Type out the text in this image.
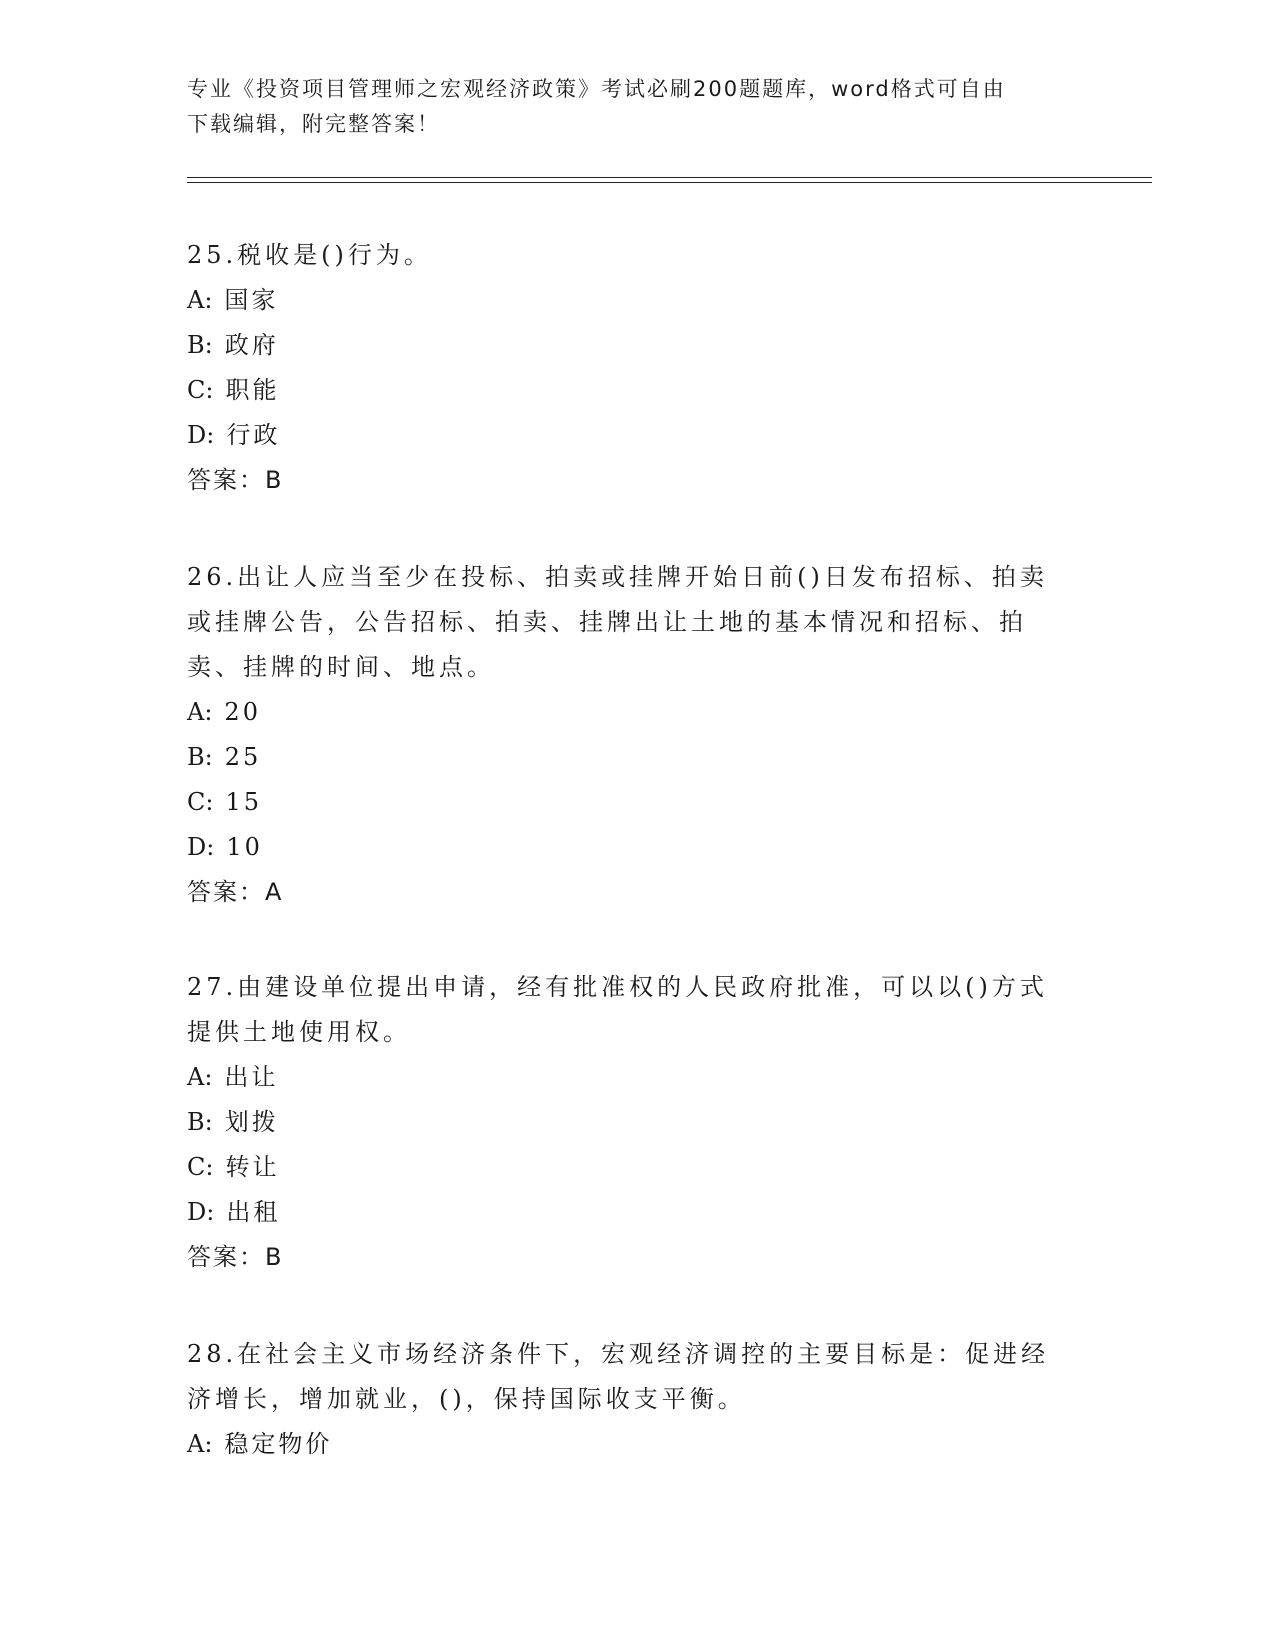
专业《投资项目管理师之宏观经济政策》考试必刷200题题库，word格式可自由
下载编辑，附完整答案！

25.税收是()行为。

A: 国家

B: 政府

C: 职能

D: 行政

答案：B

26.出让人应当至少在投标、拍卖或挂牌开始日前()日发布招标、拍卖

或挂牌公告，公告招标、拍卖、挂牌出让土地的基本情况和招标、拍

卖、挂牌的时间、地点。

A: 20

B: 25

C: 15

D: 10

答案：A

27.由建设单位提出申请，经有批准权的人民政府批准，可以以()方式

提供土地使用权。

A: 出让

B: 划拨

C: 转让

D: 出租

答案：B

28.在社会主义市场经济条件下，宏观经济调控的主要目标是：促进经

济增长，增加就业，()，保持国际收支平衡。

A: 稳定物价
